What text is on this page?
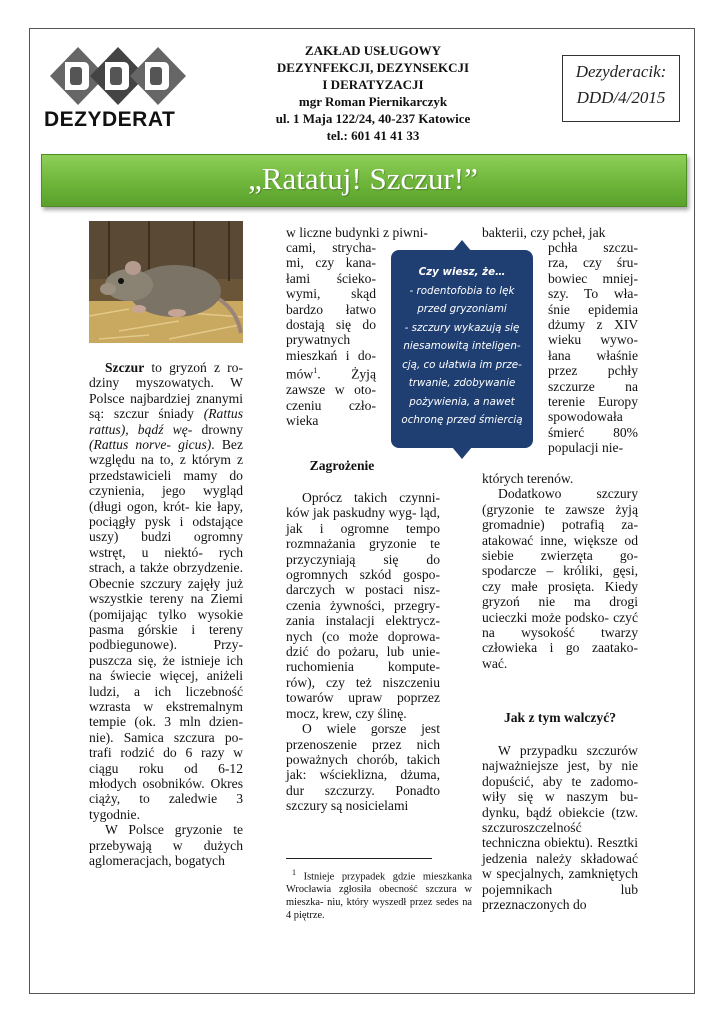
DEZYDERAT
ZAKŁAD USŁUGOWY
DEZYNFEKCJI, DEZYNSEKCJI
I DERATYZACJI
mgr Roman Piernikarczyk
ul. 1 Maja 122/24, 40-237 Katowice
tel.: 601 41 41 33
Dezyderacik:
DDD/4/2015
„Ratatuj! Szczur!”

Szczur to gryzoń z ro- dziny myszowatych. W Polsce najbardziej znanymi są: szczur śniady (Rattus rattus), bądź wę- drowny (Rattus norve- gicus). Bez względu na to, z którym z przedstawicieli mamy do czynienia, jego wygląd (długi ogon, krót- kie łapy, pociągły pysk i odstające uszy) budzi ogromny wstręt, u niektó- rych strach, a także obrzydzenie. Obecnie szczury zajęły już wszystkie tereny na Ziemi (pomijając tylko wysokie pasma górskie i tereny podbiegunowe). Przy- puszcza się, że istnieje ich na świecie więcej, aniżeli ludzi, a ich liczebność wzrasta w ekstremalnym tempie (ok. 3 mln dzien- nie). Samica szczura po- trafi rodzić do 6 razy w ciągu roku od 6-12 młodych osobników. Okres ciąży, to zaledwie 3 tygodnie.

W Polsce gryzonie te przebywają w dużych aglomeracjach, bogatych

w liczne budynki z piwni-

cami, strycha- mi, czy kana- łami ścieko- wymi, skąd bardzo łatwo dostają się do prywatnych mieszkań i do- mów$^1$. Żyją zawsze w oto- czeniu czło- wieka

Zagrożenie

Oprócz takich czynni- ków jak paskudny wyg- ląd, jak i ogromne tempo rozmnażania gryzonie te przyczyniają się do ogromnych szkód gospo- darczych w postaci nisz- czenia żywności, przegry- zania instalacji elektrycz- nych (co może doprowa- dzić do pożaru, lub unie- ruchomienia kompute- rów), czy też niszczeniu towarów upraw poprzez mocz, krew, czy ślinę.

O wiele gorsze jest przenoszenie przez nich poważnych chorób, takich jak: wścieklizna, dżuma, dur szczurzy. Ponadto szczury są nosicielami

$^1$ Istnieje przypadek gdzie mieszkanka Wrocławia zgłosiła obecność szczura w mieszka- niu, który wyszedł przez sedes na 4 piętrze.

Czy wiesz, że…
- rodentofobia to lęk
przed gryzoniami
- szczury wykazują się
niesamowitą inteligen-
cją, co ułatwia im prze-
trwanie, zdobywanie
pożywienia, a nawet
ochronę przed śmiercią
bakterii, czy pcheł, jak

pchła szczu- rza, czy śru- bowiec mniej- szy. To wła- śnie epidemia dżumy z XIV wieku wywo- łana właśnie przez pchły szczurze na terenie Europy spowodowała śmierć 80% populacji nie-

których terenów.

Dodatkowo szczury (gryzonie te zawsze żyją gromadnie) potrafią za- atakować inne, większe od siebie zwierzęta go- spodarcze – króliki, gęsi, czy małe prosięta. Kiedy gryzoń nie ma drogi ucieczki może podsko- czyć na wysokość twarzy człowieka i go zaatako- wać.

Jak z tym walczyć?

W przypadku szczurów najważniejsze jest, by nie dopuścić, aby te zadomo- wiły się w naszym bu- dynku, bądź obiekcie (tzw. szczuroszczelność techniczna obiektu). Resztki jedzenia należy składować w specjalnych, zamkniętych pojemnikach	lub przeznaczonych do
